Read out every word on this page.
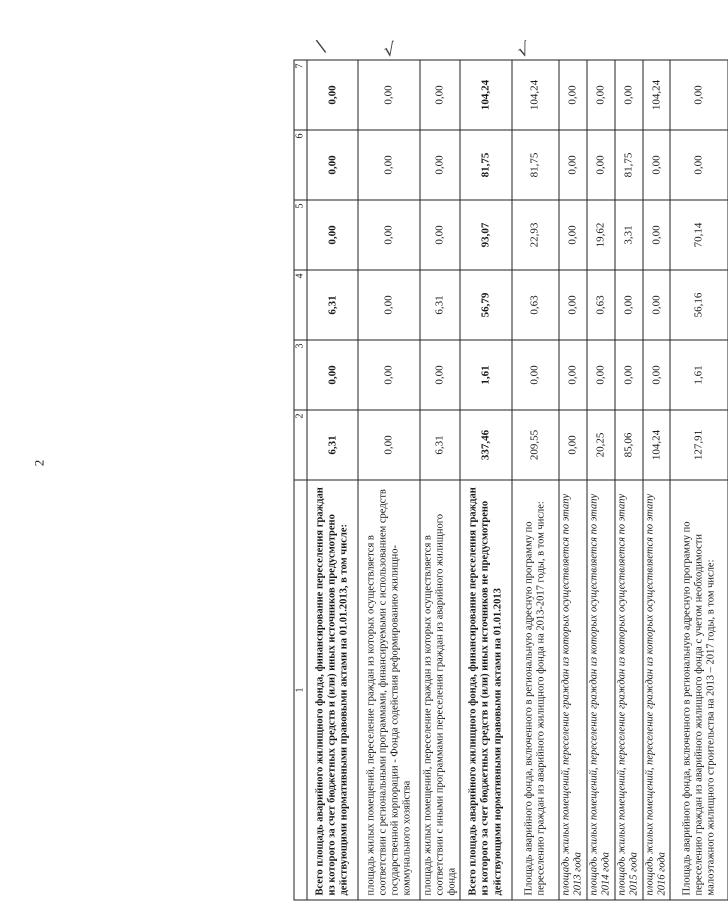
2
\	√	√
1	2	3	4	5	6	7
Всего площадь аварийного жилищного фонда, финансирование переселения граждан из которого за счет бюджетных средств и (или) иных источников предусмотрено действующими нормативными правовыми актами на 01.01.2013, в том числе:	6,31	0,00	6,31	0,00	0,00	0,00
площадь жилых помещений, переселение граждан из которых осуществляется в соответствии с региональными программами, финансируемыми с использованием средств государственной корпорации - Фонда содействия реформированию жилищно-коммунального хозяйства	0,00	0,00	0,00	0,00	0,00	0,00
площадь жилых помещений, переселение граждан из которых осуществляется в соответствии с иными программами переселения граждан из аварийного жилищного фонда	6,31	0,00	6,31	0,00	0,00	0,00
Всего площадь аварийного жилищного фонда, финансирование переселения граждан из которого за счет бюджетных средств и (или) иных источников не предусмотрено действующими нормативными правовыми актами на 01.01.2013	337,46	1,61	56,79	93,07	81,75	104,24
Площадь аварийного фонда, включенного в региональную адресную программу по переселению граждан из аварийного жилищного фонда на 2013-2017 годы, в том числе:	209,55	0,00	0,63	22,93	81,75	104,24
площадь жилых помещений, переселение граждан из которых осуществляется по этапу 2013 года	0,00	0,00	0,00	0,00	0,00	0,00
площадь жилых помещений, переселение граждан из которых осуществляется по этапу 2014 года	20,25	0,00	0,63	19,62	0,00	0,00
площадь жилых помещений, переселение граждан из которых осуществляется по этапу 2015 года	85,06	0,00	0,00	3,31	81,75	0,00
площадь жилых помещений, переселение граждан из которых осуществляется по этапу 2016 года	104,24	0,00	0,00	0,00	0,00	104,24
Площадь аварийного фонда, включенного в региональную адресную программу по переселению граждан из аварийного жилищного фонда с учетом необходимости малоэтажного жилищного строительства на 2013 – 2017 годы, в том числе:	127,91	1,61	56,16	70,14	0,00	0,00
